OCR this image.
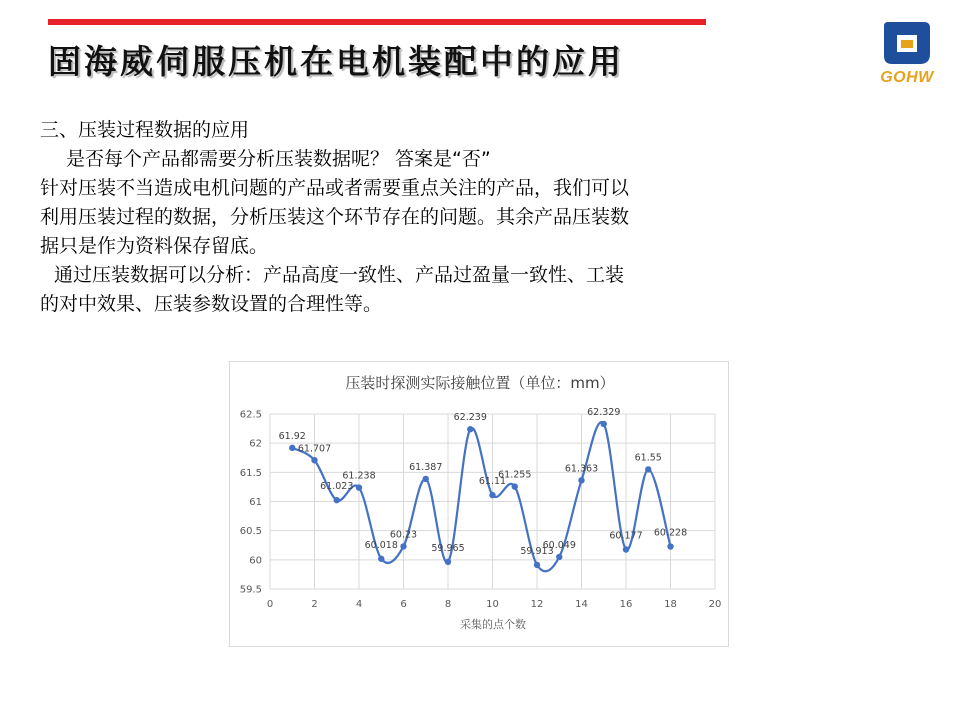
固海威伺服压机在电机装配中的应用	GOHW

三、压装过程数据的应用

是否每个产品都需要分析压装数据呢？ 答案是“否”

针对压装不当造成电机问题的产品或者需要重点关注的产品，我们可以

利用压装过程的数据，分析压装这个环节存在的问题。其余产品压装数

据只是作为资料保存留底。

通过压装数据可以分析：产品高度一致性、产品过盈量一致性、工装

的对中效果、压装参数设置的合理性等。

压装时探测实际接触位置（单位：mm）
59.5
60
60.5
61
61.5
62
62.5
0	2	4	6	8	10	12	14	16	18	20
61.92
61.707
61.023
61.238
60.018
60.23
61.387
59.965
62.239
61.11
61.255
59.913
60.049
61.363
62.329
60.177
61.55
60.228
采集的点个数
